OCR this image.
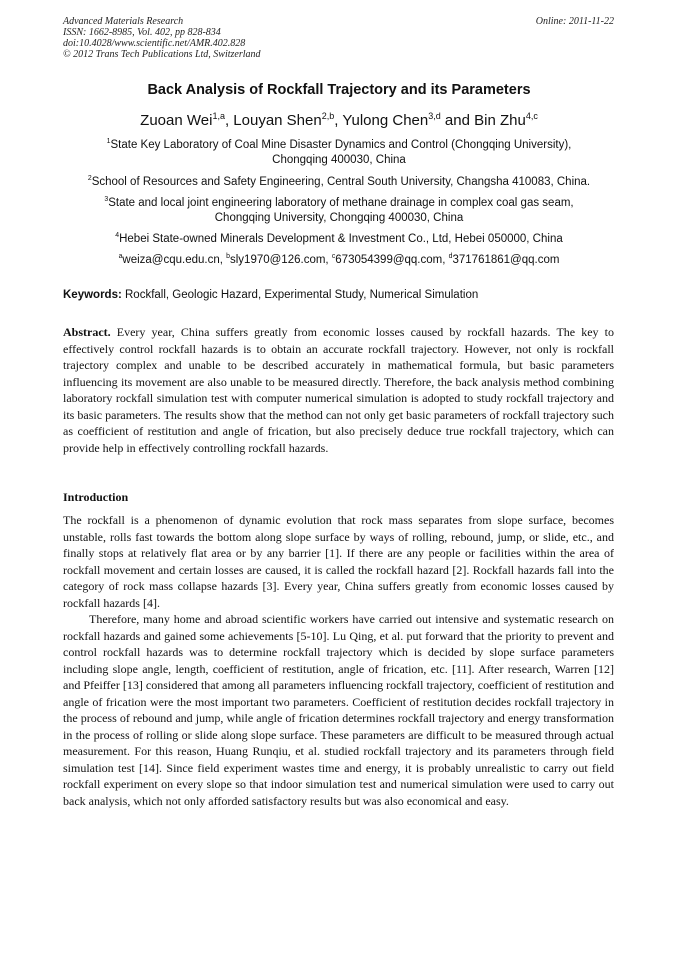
Advanced Materials Research
ISSN: 1662-8985, Vol. 402, pp 828-834
doi:10.4028/www.scientific.net/AMR.402.828
© 2012 Trans Tech Publications Ltd, Switzerland
Online: 2011-11-22
Back Analysis of Rockfall Trajectory and its Parameters
Zuoan Wei$^{1,a}$, Louyan Shen$^{2,b}$, Yulong Chen$^{3,d}$ and Bin Zhu$^{4,c}$
$^1$State Key Laboratory of Coal Mine Disaster Dynamics and Control (Chongqing University),
Chongqing 400030, China
$^2$School of Resources and Safety Engineering, Central South University, Changsha 410083, China.
$^3$State and local joint engineering laboratory of methane drainage in complex coal gas seam,
Chongqing University, Chongqing 400030, China
$^4$Hebei State-owned Minerals Development & Investment Co., Ltd, Hebei 050000, China
$^a$weiza@cqu.edu.cn, $^b$sly1970@126.com, $^c$673054399@qq.com, $^d$371761861@qq.com
Keywords: Rockfall, Geologic Hazard, Experimental Study, Numerical Simulation
Abstract. Every year, China suffers greatly from economic losses caused by rockfall hazards. The key to effectively control rockfall hazards is to obtain an accurate rockfall trajectory. However, not only is rockfall trajectory complex and unable to be described accurately in mathematical formula, but basic parameters influencing its movement are also unable to be measured directly. Therefore, the back analysis method combining laboratory rockfall simulation test with computer numerical simulation is adopted to study rockfall trajectory and its basic parameters. The results show that the method can not only get basic parameters of rockfall trajectory such as coefficient of restitution and angle of frication, but also precisely deduce true rockfall trajectory, which can provide help in effectively controlling rockfall hazards.
Introduction
The rockfall is a phenomenon of dynamic evolution that rock mass separates from slope surface, becomes unstable, rolls fast towards the bottom along slope surface by ways of rolling, rebound, jump, or slide, etc., and finally stops at relatively flat area or by any barrier [1]. If there are any people or facilities within the area of rockfall movement and certain losses are caused, it is called the rockfall hazard [2]. Rockfall hazards fall into the category of rock mass collapse hazards [3]. Every year, China suffers greatly from economic losses caused by rockfall hazards [4].
Therefore, many home and abroad scientific workers have carried out intensive and systematic research on rockfall hazards and gained some achievements [5-10]. Lu Qing, et al. put forward that the priority to prevent and control rockfall hazards was to determine rockfall trajectory which is decided by slope surface parameters including slope angle, length, coefficient of restitution, angle of frication, etc. [11]. After research, Warren [12] and Pfeiffer [13] considered that among all parameters influencing rockfall trajectory, coefficient of restitution and angle of frication were the most important two parameters. Coefficient of restitution decides rockfall trajectory in the process of rebound and jump, while angle of frication determines rockfall trajectory and energy transformation in the process of rolling or slide along slope surface. These parameters are difficult to be measured through actual measurement. For this reason, Huang Runqiu, et al. studied rockfall trajectory and its parameters through field simulation test [14]. Since field experiment wastes time and energy, it is probably unrealistic to carry out field rockfall experiment on every slope so that indoor simulation test and numerical simulation were used to carry out back analysis, which not only afforded satisfactory results but was also economical and easy.
